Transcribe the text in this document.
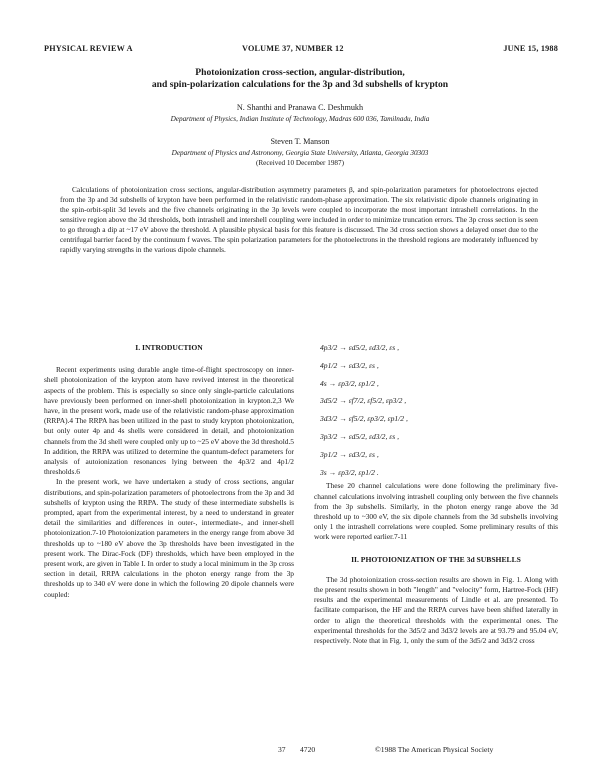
PHYSICAL REVIEW A	VOLUME 37, NUMBER 12	JUNE 15, 1988
Photoionization cross-section, angular-distribution,
and spin-polarization calculations for the 3p and 3d subshells of krypton
N. Shanthi and Pranawa C. Deshmukh
Department of Physics, Indian Institute of Technology, Madras 600 036, Tamilnadu, India
Steven T. Manson
Department of Physics and Astronomy, Georgia State University, Atlanta, Georgia 30303
(Received 10 December 1987)

Calculations of photoionization cross sections, angular-distribution asymmetry parameters β, and spin-polarization parameters for photoelectrons ejected from the 3p and 3d subshells of krypton have been performed in the relativistic random-phase approximation. The six relativistic dipole channels originating in the spin-orbit-split 3d levels and the five channels originating in the 3p levels were coupled to incorporate the most important intrashell correlations. In the sensitive region above the 3d thresholds, both intrashell and intershell coupling were included in order to minimize truncation errors. The 3p cross section is seen to go through a dip at ~17 eV above the threshold. A plausible physical basis for this feature is discussed. The 3d cross section shows a delayed onset due to the centrifugal barrier faced by the continuum f waves. The spin polarization parameters for the photoelectrons in the threshold regions are moderately influenced by rapidly varying strengths in the various dipole channels.

I. INTRODUCTION

Recent experiments using durable angle time-of-flight spectroscopy on inner-shell photoionization of the krypton atom have revived interest in the theoretical aspects of the problem. This is especially so since only single-particle calculations have previously been performed on inner-shell photoionization in krypton.2,3 We have, in the present work, made use of the relativistic random-phase approximation (RRPA).4 The RRPA has been utilized in the past to study krypton photoionization, but only outer 4p and 4s shells were considered in detail, and photoionization channels from the 3d shell were coupled only up to ~25 eV above the 3d threshold.5 In addition, the RRPA was utilized to determine the quantum-defect parameters for analysis of autoionization resonances lying between the 4p3/2 and 4p1/2 thresholds.6

In the present work, we have undertaken a study of cross sections, angular distributions, and spin-polarization parameters of photoelectrons from the 3p and 3d subshells of krypton using the RRPA. The study of these intermediate subshells is prompted, apart from the experimental interest, by a need to understand in greater detail the similarities and differences in outer-, intermediate-, and inner-shell photoionization.7-10 Photoionization parameters in the energy range from above 3d thresholds up to ~180 eV above the 3p thresholds have been investigated in the present work. The Dirac-Fock (DF) thresholds, which have been employed in the present work, are given in Table I. In order to study a local minimum in the 3p cross section in detail, RRPA calculations in the photon energy range from the 3p thresholds up to 340 eV were done in which the following 20 dipole channels were coupled:

4p3/2 → εd5/2, εd3/2, εs ,
4p1/2 → εd3/2, εs ,
4s → εp3/2, εp1/2 ,
3d5/2 → εf7/2, εf5/2, εp3/2 ,
3d3/2 → εf5/2, εp3/2, εp1/2 ,
3p3/2 → εd5/2, εd3/2, εs ,
3p1/2 → εd3/2, εs ,
3s → εp3/2, εp1/2 .

These 20 channel calculations were done following the preliminary five-channel calculations involving intrashell coupling only between the five channels from the 3p subshells. Similarly, in the photon energy range above the 3d threshold up to ~300 eV, the six dipole channels from the 3d subshells involving only 1 the intrashell correlations were coupled. Some preliminary results of this work were reported earlier.7-11

II. PHOTOIONIZATION OF THE 3d SUBSHELLS

The 3d photoionization cross-section results are shown in Fig. 1. Along with the present results shown in both "length" and "velocity" form, Hartree-Fock (HF) results and the experimental measurements of Lindle et al. are presented. To facilitate comparison, the HF and the RRPA curves have been shifted laterally in order to align the theoretical thresholds with the experimental ones. The experimental thresholds for the 3d5/2 and 3d3/2 levels are at 93.79 and 95.04 eV, respectively. Note that in Fig. 1, only the sum of the 3d5/2 and 3d3/2 cross

37 4720	©1988 The American Physical Society
